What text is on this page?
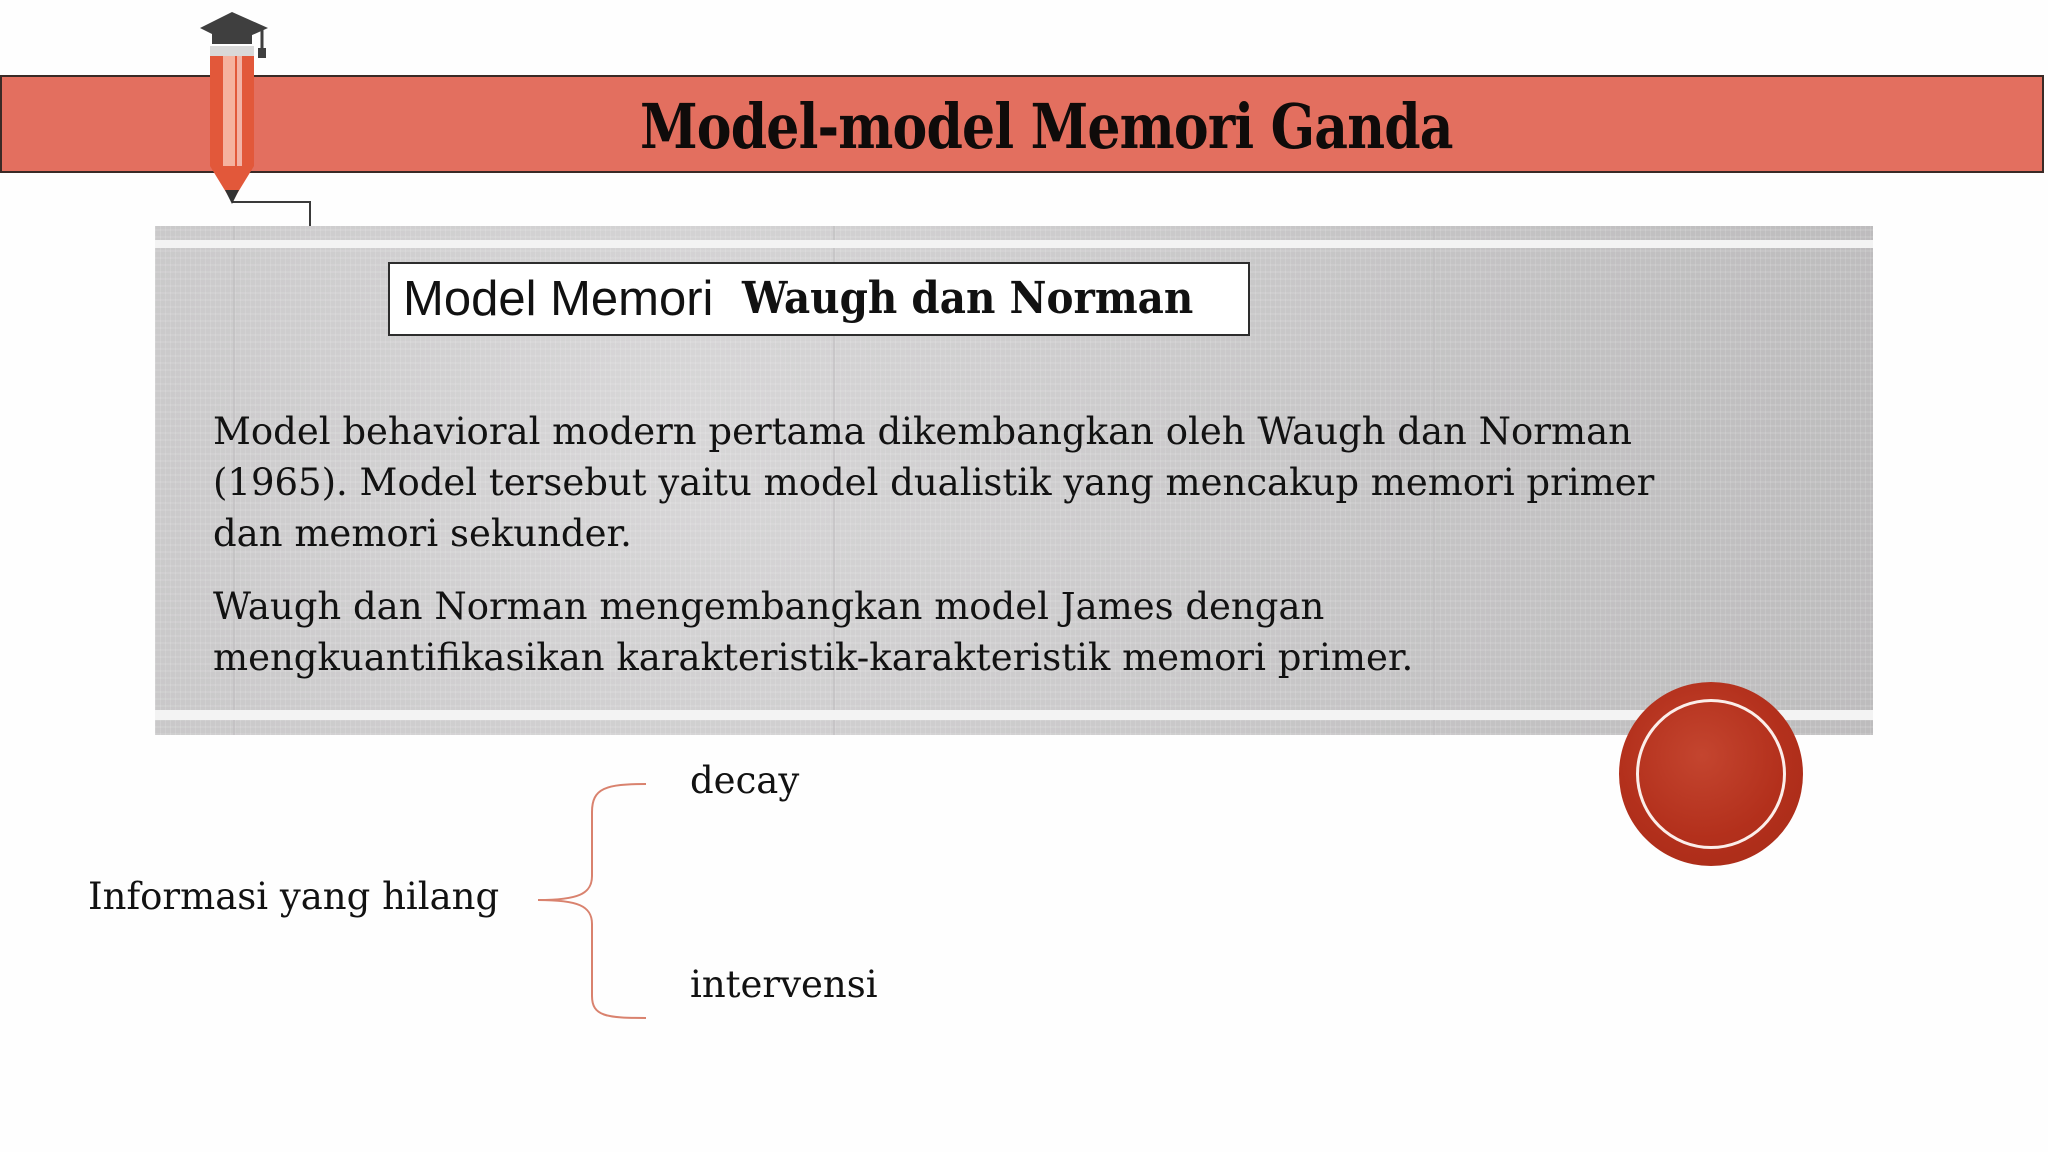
Model-model Memori Ganda
Model Memori Waugh dan Norman

Model behavioral modern pertama dikembangkan oleh Waugh dan Norman (1965). Model tersebut yaitu model dualistik yang mencakup memori primer dan memori sekunder.

Waugh dan Norman mengembangkan model James dengan mengkuantifikasikan karakteristik-karakteristik memori primer.

Informasi yang hilang
decay
intervensi
